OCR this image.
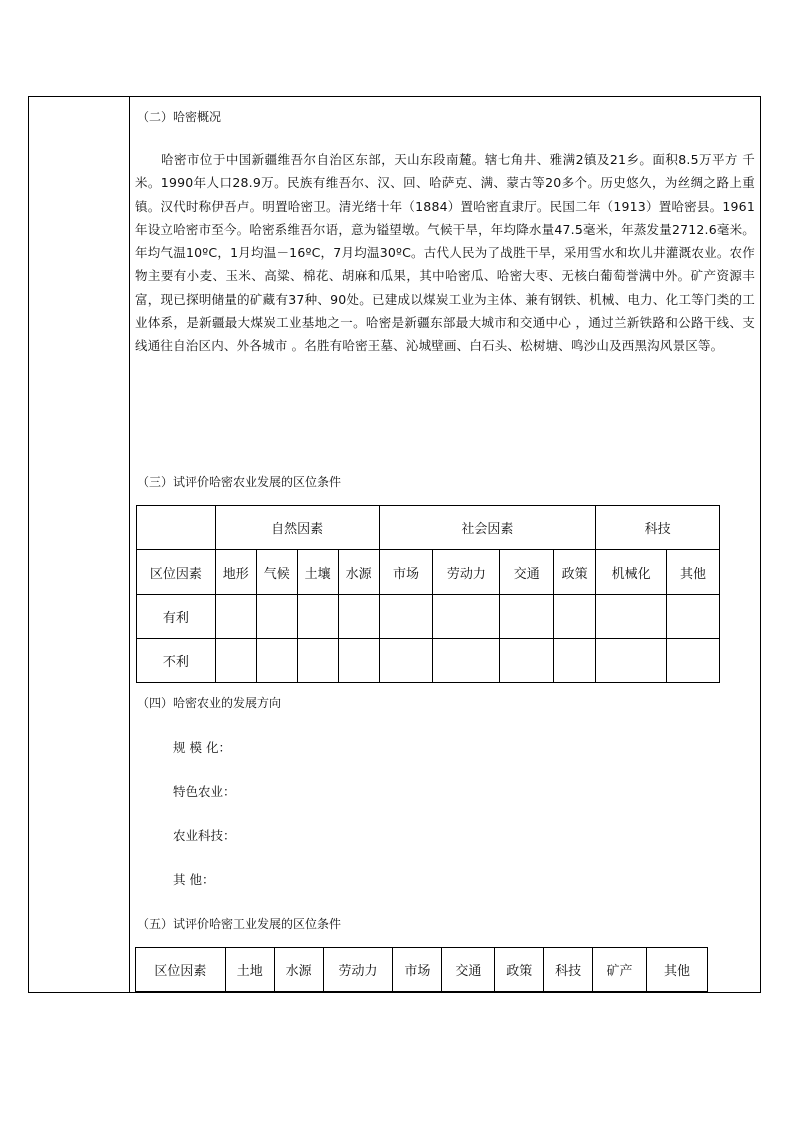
（二）哈密概况
哈密市位于中国新疆维吾尔自治区东部，天山东段南麓。辖七角井、雅满2镇及21乡。面积8.5万平方 千米。1990年人口28.9万。民族有维吾尔、汉、回、哈萨克、满、蒙古等20多个。历史悠久，为丝绸之路上重镇。汉代时称伊吾卢。明置哈密卫。清光绪十年（1884）置哈密直隶厅。民国二年（1913）置哈密县。1961年设立哈密市至今。哈密系维吾尔语，意为镒望墩。气候干旱，年均降水量47.5毫米，年蒸发量2712.6毫米。年均气温10ºC，1月均温－16ºC，7月均温30ºC。古代人民为了战胜干旱，采用雪水和坎儿井灌溉农业。农作物主要有小麦、玉米、高粱、棉花、胡麻和瓜果，其中哈密瓜、哈密大枣、无核白葡萄誉满中外。矿产资源丰富，现已探明储量的矿藏有37种、90处。已建成以煤炭工业为主体、兼有钢铁、机械、电力、化工等门类的工业体系，是新疆最大煤炭工业基地之一。哈密是新疆东部最大城市和交通中心 ，通过兰新铁路和公路干线、支线通往自治区内、外各城市 。名胜有哈密王墓、沁城壁画、白石头、松树塘、鸣沙山及西黑沟风景区等。
（三）试评价哈密农业发展的区位条件
	自然因素				社会因素				科技	
区位因素	地形	气候	土壤	水源	市场	劳动力	交通	政策	机械化	其他
有利										
不利										
（四）哈密农业的发展方向
规 模 化：
特色农业：
农业科技：
其 他：
（五）试评价哈密工业发展的区位条件
区位因素	土地	水源	劳动力	市场	交通	政策	科技	矿产	其他
